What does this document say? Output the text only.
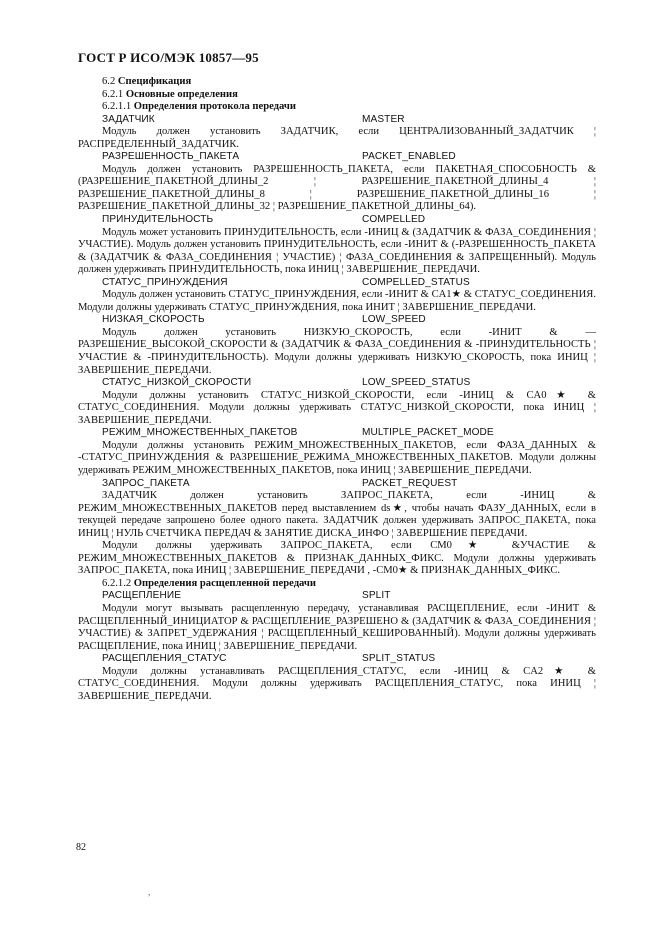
ГОСТ Р ИСО/МЭК 10857—95
6.2 Спецификация
6.2.1 Основные определения
6.2.1.1 Определения протокола передачи
ЗАДАТЧИК	MASTER

Модуль должен установить ЗАДАТЧИК, если ЦЕНТРАЛИЗОВАННЫЙ_ЗАДАТЧИК ¦ РАСПРЕДЕЛЕННЫЙ_ЗАДАТЧИК.

РАЗРЕШЕННОСТЬ_ПАКЕТА	PACKET_ENABLED

Модуль должен установить РАЗРЕШЕННОСТЬ_ПАКЕТА, если ПАКЕТНАЯ_СПОСОБНОСТЬ & (РАЗРЕШЕНИЕ_ПАКЕТНОЙ_ДЛИНЫ_2 ¦ РАЗРЕШЕНИЕ_ПАКЕТНОЙ_ДЛИНЫ_4 ¦ РАЗРЕШЕНИЕ_ПАКЕТНОЙ_ДЛИНЫ_8 ¦ РАЗРЕШЕНИЕ_ПАКЕТНОЙ_ДЛИНЫ_16 ¦ РАЗРЕШЕНИЕ_ПАКЕТНОЙ_ДЛИНЫ_32 ¦ РАЗРЕШЕНИЕ_ПАКЕТНОЙ_ДЛИНЫ_64).

ПРИНУДИТЕЛЬНОСТЬ	COMPELLED

Модуль может установить ПРИНУДИТЕЛЬНОСТЬ, если -ИНИЦ & (ЗАДАТЧИК & ФАЗА_СОЕДИНЕНИЯ ¦ УЧАСТИЕ). Модуль должен установить ПРИНУДИТЕЛЬНОСТЬ, если -ИНИТ & (-РАЗРЕШЕННОСТЬ_ПАКЕТА & (ЗАДАТЧИК & ФАЗА_СОЕДИНЕНИЯ ¦ УЧАСТИЕ) ¦ ФАЗА_СОЕДИНЕНИЯ & ЗАПРЕЩЕННЫЙ). Модуль должен удерживать ПРИНУДИТЕЛЬНОСТЬ, пока ИНИЦ ¦ ЗАВЕРШЕНИЕ_ПЕРЕДАЧИ.

СТАТУС_ПРИНУЖДЕНИЯ	COMPELLED_STATUS

Модуль должен установить СТАТУС_ПРИНУЖДЕНИЯ, если -ИНИТ & CA1★ & СТАТУС_СОЕДИНЕНИЯ. Модули должны удерживать СТАТУС_ПРИНУЖДЕНИЯ, пока ИНИТ ¦ ЗАВЕРШЕНИЕ_ПЕРЕДАЧИ.

НИЗКАЯ_СКОРОСТЬ	LOW_SPEED

Модуль должен установить НИЗКУЮ_СКОРОСТЬ, если -ИНИТ & —РАЗРЕШЕНИЕ_ВЫСОКОЙ_СКОРОСТИ & (ЗАДАТЧИК & ФАЗА_СОЕДИНЕНИЯ & -ПРИНУДИТЕЛЬНОСТЬ ¦ УЧАСТИЕ & -ПРИНУДИТЕЛЬНОСТЬ). Модули должны удерживать НИЗКУЮ_СКОРОСТЬ, пока ИНИЦ ¦ ЗАВЕРШЕНИЕ_ПЕРЕДАЧИ.

СТАТУС_НИЗКОЙ_СКОРОСТИ	LOW_SPEED_STATUS

Модули должны установить СТАТУС_НИЗКОЙ_СКОРОСТИ, если -ИНИЦ & CA0★ & СТАТУС_СОЕДИНЕНИЯ. Модули должны удерживать СТАТУС_НИЗКОЙ_СКОРОСТИ, пока ИНИЦ ¦ ЗАВЕРШЕНИЕ_ПЕРЕДАЧИ.

РЕЖИМ_МНОЖЕСТВЕННЫХ_ПАКЕТОВ	MULTIPLE_PACKET_MODE

Модули должны установить РЕЖИМ_МНОЖЕСТВЕННЫХ_ПАКЕТОВ, если ФАЗА_ДАННЫХ & -СТАТУС_ПРИНУЖДЕНИЯ & РАЗРЕШЕНИЕ_РЕЖИМА_МНОЖЕСТВЕННЫХ_ПАКЕТОВ. Модули должны удерживать РЕЖИМ_МНОЖЕСТВЕННЫХ_ПАКЕТОВ, пока ИНИЦ ¦ ЗАВЕРШЕНИЕ_ПЕРЕДАЧИ.

ЗАПРОС_ПАКЕТА	PACKET_REQUEST

ЗАДАТЧИК должен установить ЗАПРОС_ПАКЕТА, если -ИНИЦ & РЕЖИМ_МНОЖЕСТВЕННЫХ_ПАКЕТОВ перед выставлением ds★, чтобы начать ФАЗУ_ДАННЫХ, если в текущей передаче запрошено более одного пакета. ЗАДАТЧИК должен удерживать ЗАПРОС_ПАКЕТА, пока ИНИЦ ¦ НУЛЬ СЧЕТЧИКА ПЕРЕДАЧ & ЗАНЯТИЕ ДИСКА_ИНФО ¦ ЗАВЕРШЕНИЕ ПЕРЕДАЧИ.

Модули должны удерживать ЗАПРОС_ПАКЕТА, если CM0★ &УЧАСТИЕ & РЕЖИМ_МНОЖЕСТВЕННЫХ_ПАКЕТОВ & ПРИЗНАК_ДАННЫХ_ФИКС. Модули должны удерживать ЗАПРОС_ПАКЕТА, пока ИНИЦ ¦ ЗАВЕРШЕНИЕ_ПЕРЕДАЧИ , -CM0★ & ПРИЗНАК_ДАННЫХ_ФИКС.

6.2.1.2 Определения расщепленной передачи
РАСЩЕПЛЕНИЕ	SPLIT

Модули могут вызывать расщепленную передачу, устанавливая РАСЩЕПЛЕНИЕ, если -ИНИТ & РАСЩЕПЛЕННЫЙ_ИНИЦИАТОР & РАСЩЕПЛЕНИЕ_РАЗРЕШЕНО & (ЗАДАТЧИК & ФАЗА_СОЕДИНЕНИЯ ¦ УЧАСТИЕ) & ЗАПРЕТ_УДЕРЖАНИЯ ¦ РАСЩЕПЛЕННЫЙ_КЕШИРОВАННЫЙ). Модули должны удерживать РАСЩЕПЛЕНИЕ, пока ИНИЦ ¦ ЗАВЕРШЕНИЕ_ПЕРЕДАЧИ.

РАСЩЕПЛЕНИЯ_СТАТУС	SPLIT_STATUS

Модули должны устанавливать РАСЩЕПЛЕНИЯ_СТАТУС, если -ИНИЦ & CA2★ & СТАТУС_СОЕДИНЕНИЯ. Модули должны удерживать РАСЩЕПЛЕНИЯ_СТАТУС, пока ИНИЦ ¦ ЗАВЕРШЕНИЕ_ПЕРЕДАЧИ.

82
,
